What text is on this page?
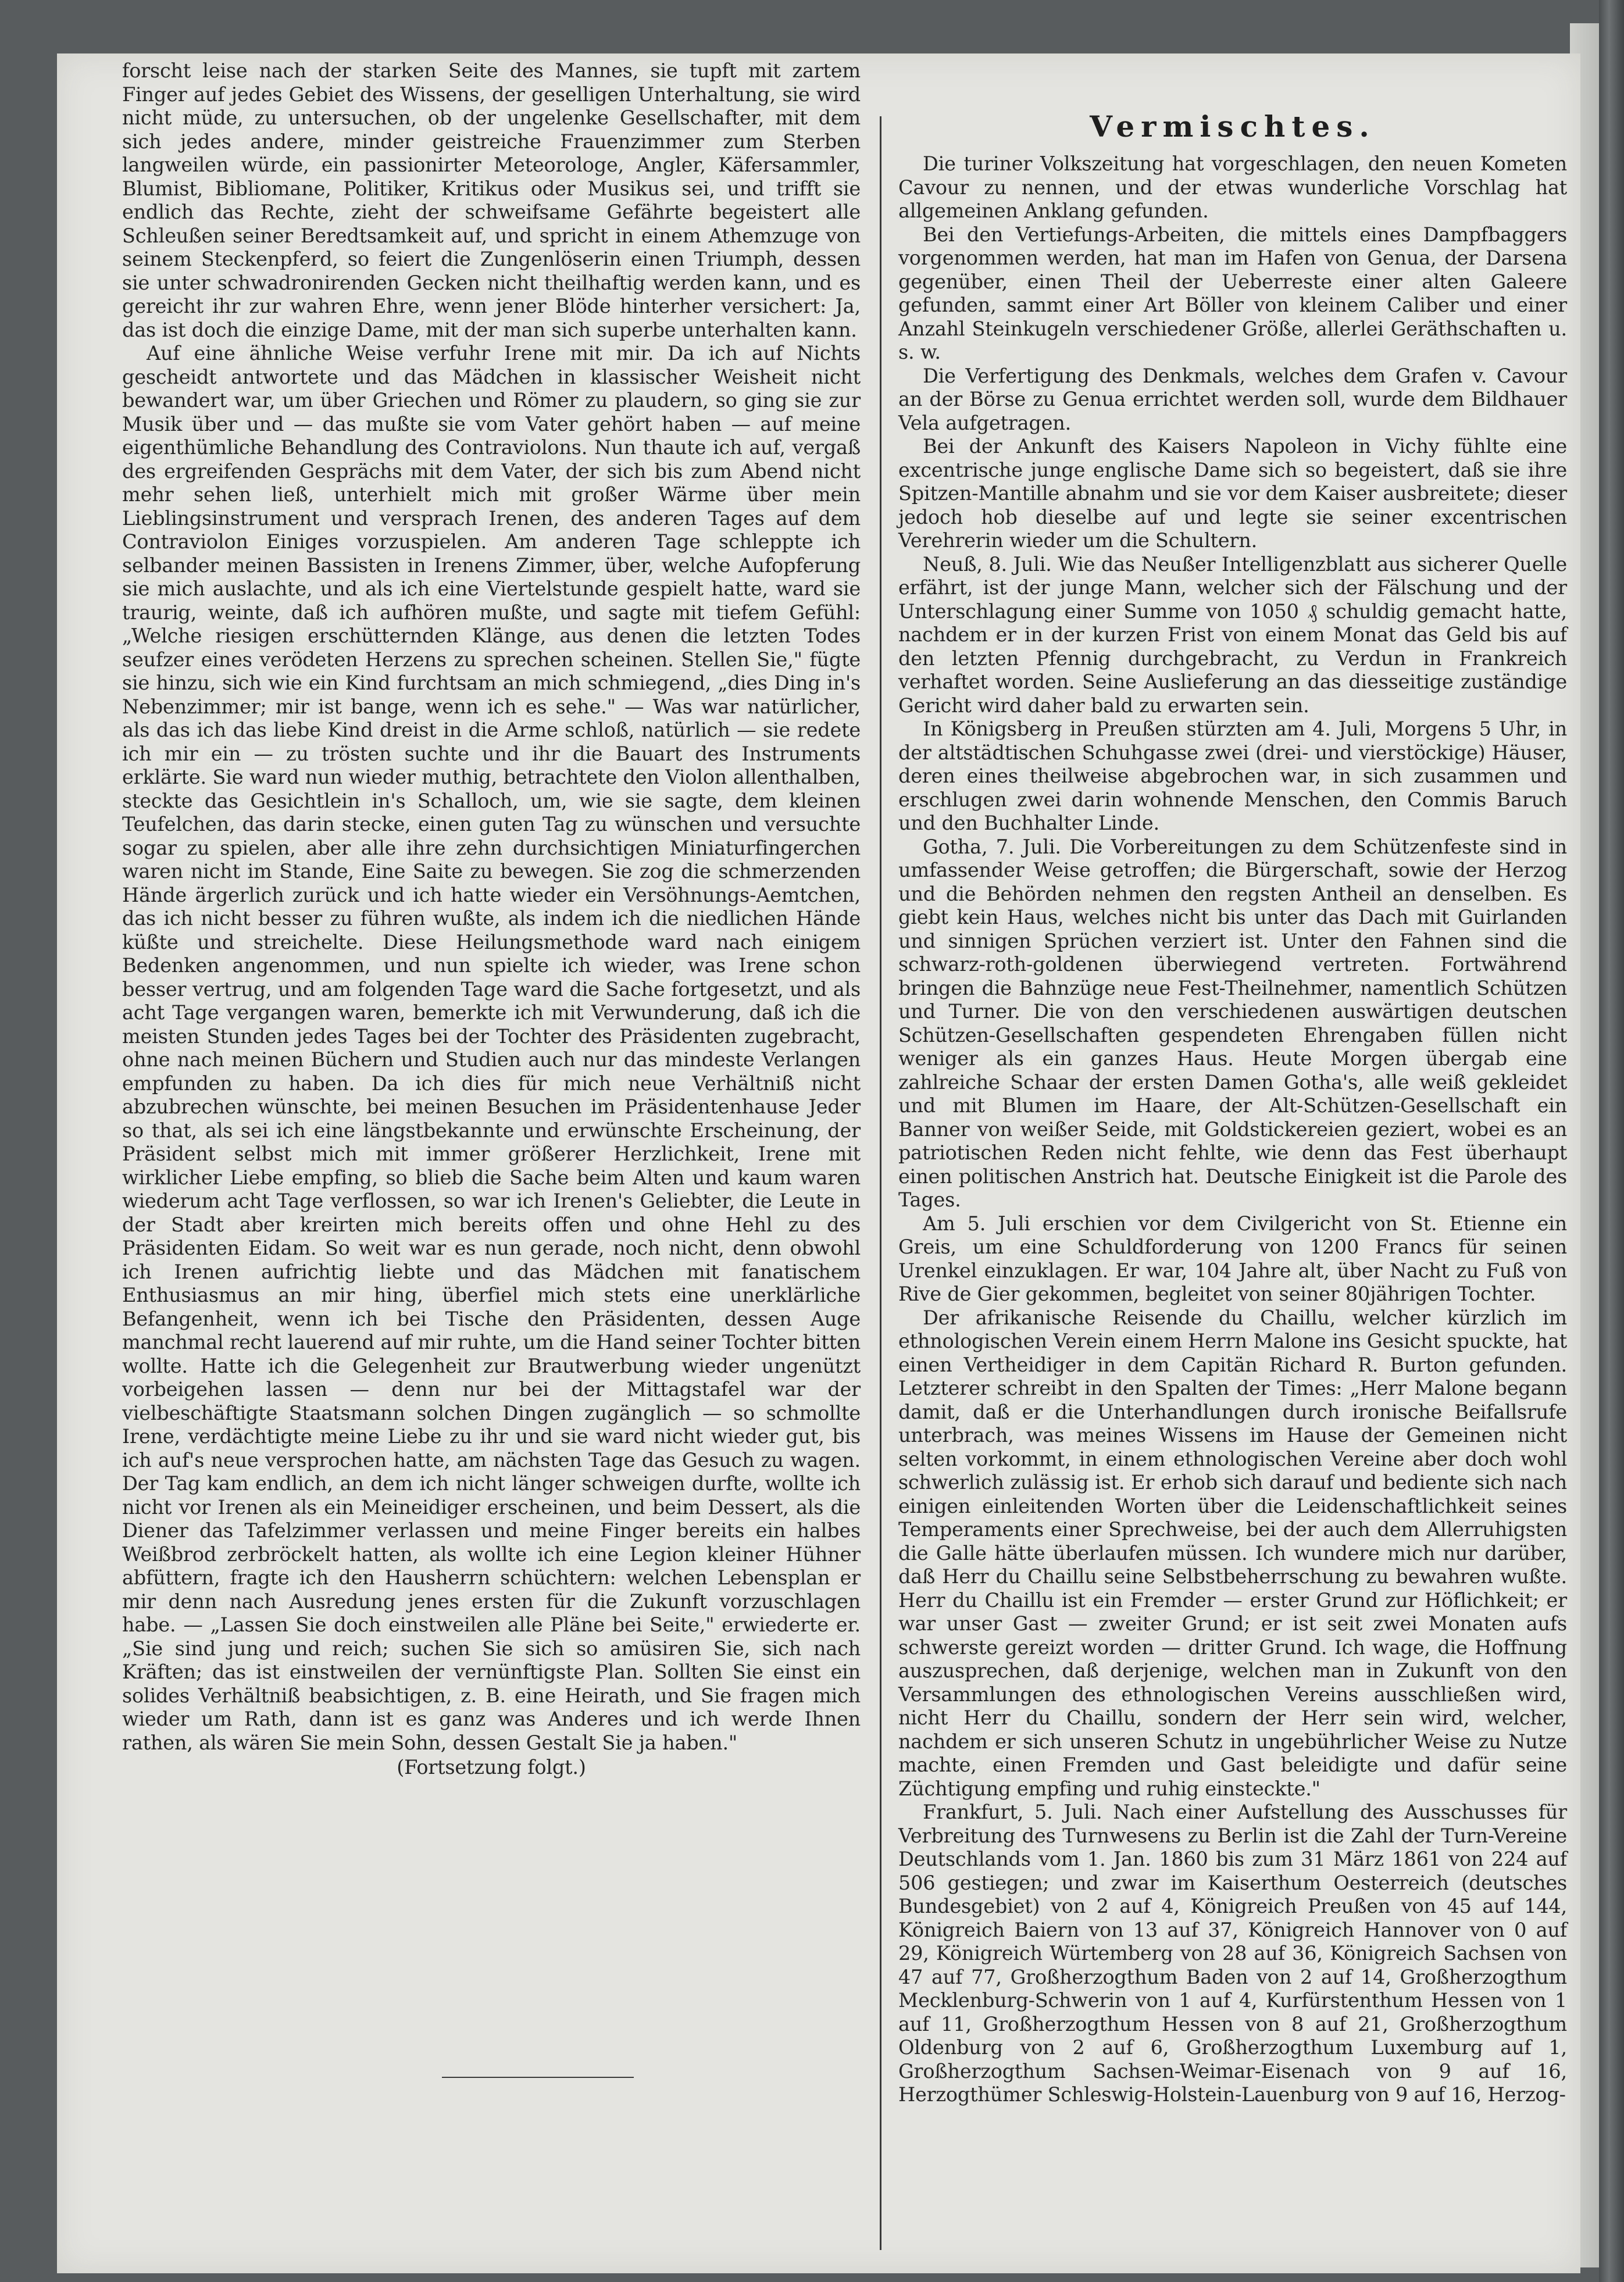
forscht leise nach der starken Seite des Mannes, sie tupft mit zartem Finger auf jedes Gebiet des Wissens, der geselligen Unterhaltung, sie wird nicht müde, zu untersuchen, ob der ungelenke Gesellschafter, mit dem sich jedes andere, minder geistreiche Frauenzimmer zum Sterben langweilen würde, ein passionirter Meteorologe, Angler, Käfersammler, Blumist, Bibliomane, Politiker, Kritikus oder Musikus sei, und trifft sie endlich das Rechte, zieht der schweifsame Gefährte begeistert alle Schleußen seiner Beredtsamkeit auf, und spricht in einem Athemzuge von seinem Steckenpferd, so feiert die Zungenlöserin einen Triumph, dessen sie unter schwadronirenden Gecken nicht theilhaftig werden kann, und es gereicht ihr zur wahren Ehre, wenn jener Blöde hinterher versichert: Ja, das ist doch die einzige Dame, mit der man sich superbe unterhalten kann.

Auf eine ähnliche Weise verfuhr Irene mit mir. Da ich auf Nichts gescheidt antwortete und das Mädchen in klassischer Weisheit nicht bewandert war, um über Griechen und Römer zu plaudern, so ging sie zur Musik über und — das mußte sie vom Vater gehört haben — auf meine eigenthümliche Behandlung des Contraviolons. Nun thaute ich auf, vergaß des ergreifenden Gesprächs mit dem Vater, der sich bis zum Abend nicht mehr sehen ließ, unterhielt mich mit großer Wärme über mein Lieblingsinstrument und versprach Irenen, des anderen Tages auf dem Contraviolon Einiges vorzuspielen. Am anderen Tage schleppte ich selbander meinen Bassisten in Irenens Zimmer, über, welche Aufopferung sie mich auslachte, und als ich eine Viertelstunde gespielt hatte, ward sie traurig, weinte, daß ich aufhören mußte, und sagte mit tiefem Gefühl: „Welche riesigen erschütternden Klänge, aus denen die letzten Todes seufzer eines verödeten Herzens zu sprechen scheinen. Stellen Sie," fügte sie hinzu, sich wie ein Kind furchtsam an mich schmiegend, „dies Ding in's Nebenzimmer; mir ist bange, wenn ich es sehe." — Was war natürlicher, als das ich das liebe Kind dreist in die Arme schloß, natürlich — sie redete ich mir ein — zu trösten suchte und ihr die Bauart des Instruments erklärte. Sie ward nun wieder muthig, betrachtete den Violon allenthalben, steckte das Gesichtlein in's Schalloch, um, wie sie sagte, dem kleinen Teufelchen, das darin stecke, einen guten Tag zu wünschen und versuchte sogar zu spielen, aber alle ihre zehn durchsichtigen Miniaturfingerchen waren nicht im Stande, Eine Saite zu bewegen. Sie zog die schmerzenden Hände ärgerlich zurück und ich hatte wieder ein Versöhnungs-Aemtchen, das ich nicht besser zu führen wußte, als indem ich die niedlichen Hände küßte und streichelte. Diese Heilungsmethode ward nach einigem Bedenken angenommen, und nun spielte ich wieder, was Irene schon besser vertrug, und am folgenden Tage ward die Sache fortgesetzt, und als acht Tage vergangen waren, bemerkte ich mit Verwunderung, daß ich die meisten Stunden jedes Tages bei der Tochter des Präsidenten zugebracht, ohne nach meinen Büchern und Studien auch nur das mindeste Verlangen empfunden zu haben. Da ich dies für mich neue Verhältniß nicht abzubrechen wünschte, bei meinen Besuchen im Präsidentenhause Jeder so that, als sei ich eine längstbekannte und erwünschte Erscheinung, der Präsident selbst mich mit immer größerer Herzlichkeit, Irene mit wirklicher Liebe empfing, so blieb die Sache beim Alten und kaum waren wiederum acht Tage verflossen, so war ich Irenen's Geliebter, die Leute in der Stadt aber kreirten mich bereits offen und ohne Hehl zu des Präsidenten Eidam. So weit war es nun gerade, noch nicht, denn obwohl ich Irenen aufrichtig liebte und das Mädchen mit fanatischem Enthusiasmus an mir hing, überfiel mich stets eine unerklärliche Befangenheit, wenn ich bei Tische den Präsidenten, dessen Auge manchmal recht lauerend auf mir ruhte, um die Hand seiner Tochter bitten wollte. Hatte ich die Gelegenheit zur Brautwerbung wieder ungenützt vorbeigehen lassen — denn nur bei der Mittagstafel war der vielbeschäftigte Staatsmann solchen Dingen zugänglich — so schmollte Irene, verdächtigte meine Liebe zu ihr und sie ward nicht wieder gut, bis ich auf's neue versprochen hatte, am nächsten Tage das Gesuch zu wagen. Der Tag kam endlich, an dem ich nicht länger schweigen durfte, wollte ich nicht vor Irenen als ein Meineidiger erscheinen, und beim Dessert, als die Diener das Tafelzimmer verlassen und meine Finger bereits ein halbes Weißbrod zerbröckelt hatten, als wollte ich eine Legion kleiner Hühner abfüttern, fragte ich den Hausherrn schüchtern: welchen Lebensplan er mir denn nach Ausredung jenes ersten für die Zukunft vorzuschlagen habe. — „Lassen Sie doch einstweilen alle Pläne bei Seite," erwiederte er. „Sie sind jung und reich; suchen Sie sich so amüsiren Sie, sich nach Kräften; das ist einstweilen der vernünftigste Plan. Sollten Sie einst ein solides Verhältniß beabsichtigen, z. B. eine Heirath, und Sie fragen mich wieder um Rath, dann ist es ganz was Anderes und ich werde Ihnen rathen, als wären Sie mein Sohn, dessen Gestalt Sie ja haben."

(Fortsetzung folgt.)

Vermischtes.

Die turiner Volkszeitung hat vorgeschlagen, den neuen Kometen Cavour zu nennen, und der etwas wunderliche Vorschlag hat allgemeinen Anklang gefunden.

Bei den Vertiefungs-Arbeiten, die mittels eines Dampfbaggers vorgenommen werden, hat man im Hafen von Genua, der Darsena gegenüber, einen Theil der Ueberreste einer alten Galeere gefunden, sammt einer Art Böller von kleinem Caliber und einer Anzahl Steinkugeln verschiedener Größe, allerlei Geräthschaften u. s. w.

Die Verfertigung des Denkmals, welches dem Grafen v. Cavour an der Börse zu Genua errichtet werden soll, wurde dem Bildhauer Vela aufgetragen.

Bei der Ankunft des Kaisers Napoleon in Vichy fühlte eine excentrische junge englische Dame sich so begeistert, daß sie ihre Spitzen-Mantille abnahm und sie vor dem Kaiser ausbreitete; dieser jedoch hob dieselbe auf und legte sie seiner excentrischen Verehrerin wieder um die Schultern.

Neuß, 8. Juli. Wie das Neußer Intelligenzblatt aus sicherer Quelle erfährt, ist der junge Mann, welcher sich der Fälschung und der Unterschlagung einer Summe von 1050 ₰ schuldig gemacht hatte, nachdem er in der kurzen Frist von einem Monat das Geld bis auf den letzten Pfennig durchgebracht, zu Verdun in Frankreich verhaftet worden. Seine Auslieferung an das diesseitige zuständige Gericht wird daher bald zu erwarten sein.

In Königsberg in Preußen stürzten am 4. Juli, Morgens 5 Uhr, in der altstädtischen Schuhgasse zwei (drei- und vierstöckige) Häuser, deren eines theilweise abgebrochen war, in sich zusammen und erschlugen zwei darin wohnende Menschen, den Commis Baruch und den Buchhalter Linde.

Gotha, 7. Juli. Die Vorbereitungen zu dem Schützenfeste sind in umfassender Weise getroffen; die Bürgerschaft, sowie der Herzog und die Behörden nehmen den regsten Antheil an denselben. Es giebt kein Haus, welches nicht bis unter das Dach mit Guirlanden und sinnigen Sprüchen verziert ist. Unter den Fahnen sind die schwarz-roth-goldenen überwiegend vertreten. Fortwährend bringen die Bahnzüge neue Fest-Theilnehmer, namentlich Schützen und Turner. Die von den verschiedenen auswärtigen deutschen Schützen-Gesellschaften gespendeten Ehrengaben füllen nicht weniger als ein ganzes Haus. Heute Morgen übergab eine zahlreiche Schaar der ersten Damen Gotha's, alle weiß gekleidet und mit Blumen im Haare, der Alt-Schützen-Gesellschaft ein Banner von weißer Seide, mit Goldstickereien geziert, wobei es an patriotischen Reden nicht fehlte, wie denn das Fest überhaupt einen politischen Anstrich hat. Deutsche Einigkeit ist die Parole des Tages.

Am 5. Juli erschien vor dem Civilgericht von St. Etienne ein Greis, um eine Schuldforderung von 1200 Francs für seinen Urenkel einzuklagen. Er war, 104 Jahre alt, über Nacht zu Fuß von Rive de Gier gekommen, begleitet von seiner 80jährigen Tochter.

Der afrikanische Reisende du Chaillu, welcher kürzlich im ethnologischen Verein einem Herrn Malone ins Gesicht spuckte, hat einen Vertheidiger in dem Capitän Richard R. Burton gefunden. Letzterer schreibt in den Spalten der Times: „Herr Malone begann damit, daß er die Unterhandlungen durch ironische Beifallsrufe unterbrach, was meines Wissens im Hause der Gemeinen nicht selten vorkommt, in einem ethnologischen Vereine aber doch wohl schwerlich zulässig ist. Er erhob sich darauf und bediente sich nach einigen einleitenden Worten über die Leidenschaftlichkeit seines Temperaments einer Sprechweise, bei der auch dem Allerruhigsten die Galle hätte überlaufen müssen. Ich wundere mich nur darüber, daß Herr du Chaillu seine Selbstbeherrschung zu bewahren wußte. Herr du Chaillu ist ein Fremder — erster Grund zur Höflichkeit; er war unser Gast — zweiter Grund; er ist seit zwei Monaten aufs schwerste gereizt worden — dritter Grund. Ich wage, die Hoffnung auszusprechen, daß derjenige, welchen man in Zukunft von den Versammlungen des ethnologischen Vereins ausschließen wird, nicht Herr du Chaillu, sondern der Herr sein wird, welcher, nachdem er sich unseren Schutz in ungebührlicher Weise zu Nutze machte, einen Fremden und Gast beleidigte und dafür seine Züchtigung empfing und ruhig einsteckte."

Frankfurt, 5. Juli. Nach einer Aufstellung des Ausschusses für Verbreitung des Turnwesens zu Berlin ist die Zahl der Turn-Vereine Deutschlands vom 1. Jan. 1860 bis zum 31 März 1861 von 224 auf 506 gestiegen; und zwar im Kaiserthum Oesterreich (deutsches Bundesgebiet) von 2 auf 4, Königreich Preußen von 45 auf 144, Königreich Baiern von 13 auf 37, Königreich Hannover von 0 auf 29, Königreich Würtemberg von 28 auf 36, Königreich Sachsen von 47 auf 77, Großherzogthum Baden von 2 auf 14, Großherzogthum Mecklenburg-Schwerin von 1 auf 4, Kurfürstenthum Hessen von 1 auf 11, Großherzogthum Hessen von 8 auf 21, Großherzogthum Oldenburg von 2 auf 6, Großherzogthum Luxemburg auf 1, Großherzogthum Sachsen-Weimar-Eisenach von 9 auf 16, Herzogthümer Schleswig-Holstein-Lauenburg von 9 auf 16, Herzog-
